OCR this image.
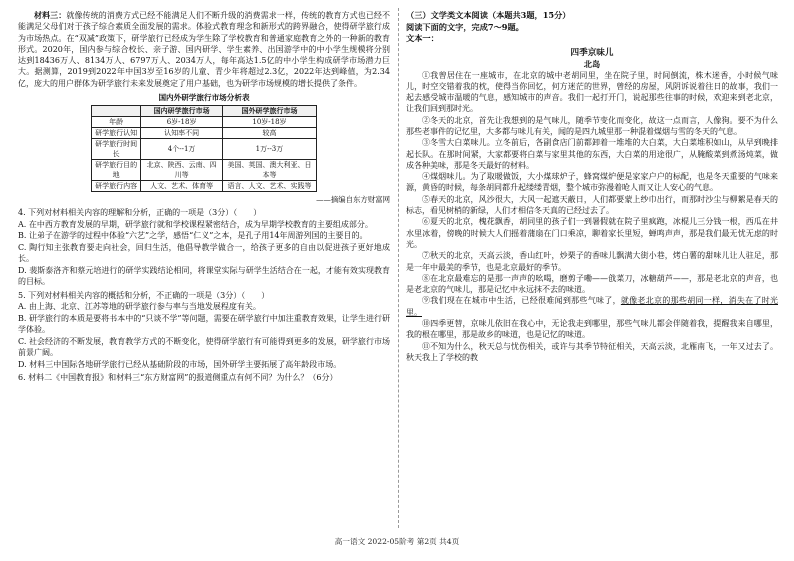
材料三：就像传统的消费方式已经不能满足人们不断升级的消费需求一样，传统的教育方式也已经不能满足父母们对于孩子综合素质全面发展的需求。体验式教育理念和新形式的跨界融合，使得研学旅行成为市场热点。在“双减”政策下，研学旅行已经成为学生除了学校教育和普通家庭教育之外的一种新的教育形式。2020年，国内参与综合校长、亲子游、国内研学、学生素养、出国游学中的中小学生规模将分别达到18436万人、8134万人、6797万人、2034万人，每年高达1.5亿的中小学生构成研学市场潜力巨大。据测算，2019到2022年中国3岁至16岁的儿童、青少年将超过2.3亿，2022年达到峰值，为2.34亿，庞大的用户群体为研学旅行未来发展奠定了用户基础，也为研学市场规模的增长提供了条件。

国内外研学旅行市场分析表
	国内研学旅行市场	国外研学旅行市场
年龄	6岁-18岁	10岁-18岁
研学旅行认知	认知率不同	较高
研学旅行时间长	4个--1万	1万--3万
研学旅行目的地	北京、陕西、云南、四川等	美国、英国、澳大利亚、日本等
研学旅行内容	人文、艺术、体育等	语言、人文、艺术、实践等
——摘编自东方财富网

4. 下列对材料相关内容的理解和分析，正确的一项是（3分）（　　）

A. 在中西方教育发展的早期，研学旅行就和学校课程紧密结合，成为早期学校教育的主要组成部分。

B. 让弟子在游学的过程中体验“六艺”之学，感悟“仁义”之本，是孔子用14年周游列国的主要目的。

C. 陶行知主张教育要走向社会，回归生活，他倡导教学做合一，给孩子更多的自由以促进孩子更好地成长。

D. 裴斯泰洛齐和蔡元培进行的研学实践结论相同，将课堂实际与研学生活结合在一起，才能有效实现教育的目标。

5. 下列对材料相关内容的概括和分析，不正确的一项是（3分）（　　）

A. 由上海、北京、江苏等地的研学旅行参与率与当地发展程度有关。

B. 研学旅行的本质是要将书本中的“只谈不学”等问题，需要在研学旅行中加注重教育效果，让学生进行研学体验。

C. 社会经济的不断发展，教育教学方式的不断变化，使得研学旅行有可能得到更多的发展，研学旅行市场前景广阔。

D. 材料三中国际各地研学旅行已经从基础阶段的市场，国外研学主要拓展了高年龄段市场。

6. 材料二《中国教育报》和材料三“东方财富网”的报道侧重点有何不同？为什么？（6分）

（三）文学类文本阅读（本题共3题，15分）

阅读下面的文字，完成7～9题。

文本一：

四季京味儿
北岛

①我曾居住在一座城市，在北京的城中老胡同里，坐在院子里，时间倒流，株木迷香，小时候气味儿，时空交错着我的枕，使得当你回忆，何方迷茫的世界，曾经的房屋，风阴诉说着往日的故事，我们一起去感受城市温暖的气息，感知城市的声音。我们一起打开门，说起那些往事的时候，欢迎来到老北京，让我们回到那时光。

②冬天的北京，首先让我想到的是气味儿，随季节变化而变化，故这一点而言，人像狗。要不为什么那些老事件的记忆里，大多都与味儿有关，闻的是四九城里那一种混着煤烟与雪的冬天的气息。

③冬雪大白菜味儿。立冬前后，各副食店门前都卸着一堆堆的大白菜，大白菜堆积如山，从早到晚排起长队。在那时间紧，大家都要将白菜与家里其他的东西，大白菜的用途很广，从腌酸菜到煮汤炖菜，做成各种美味，那是冬天最好的材料。

④煤烟味儿。为了取暖做饭，大小煤球炉子，蜂窝煤炉便是家家户户的标配，也是冬天重要的气味来源，黄昏的时候，每条胡同都升起缕缕青烟，整个城市弥漫着呛人而又让人安心的气息。

⑤春天的北京，风沙很大，大风一起遮天蔽日，人们都要蒙上纱巾出行，而那时沙尘与柳絮是春天的标志，看见树梢的新绿，人们才相信冬天真的已经过去了。

⑥夏天的北京，槐花飘香，胡同里的孩子们一到暑假就在院子里疯跑，冰棍儿三分钱一根，西瓜在井水里冰着，傍晚的时候大人们摇着蒲扇在门口乘凉，聊着家长里短，蝉鸣声声，那是我们最无忧无虑的时光。

⑦秋天的北京，天高云淡，香山红叶，炒栗子的香味儿飘满大街小巷，烤白薯的甜味儿让人驻足，那是一年中最美的季节，也是北京最好的季节。

⑧在北京最难忘的是那一声声的吆喝，磨剪子嘞——戗菜刀，冰糖葫芦——，那是老北京的声音，也是老北京的气味儿，那是记忆中永远抹不去的味道。

⑨我们现在在城市中生活，已经很难闻到那些气味了，就像老北京的那些胡同一样，消失在了时光里。

⑩四季更替，京味儿依旧在我心中，无论我走到哪里，那些气味儿都会伴随着我，提醒我来自哪里，我的根在哪里，那是故乡的味道，也是记忆的味道。

⑪不知为什么，秋天总与忧伤相关，或许与其季节特征相关，天高云淡，北雁南飞，一年又过去了。秋天我上了学校的教

高一语文 2022-05阶考 第2页 共4页
